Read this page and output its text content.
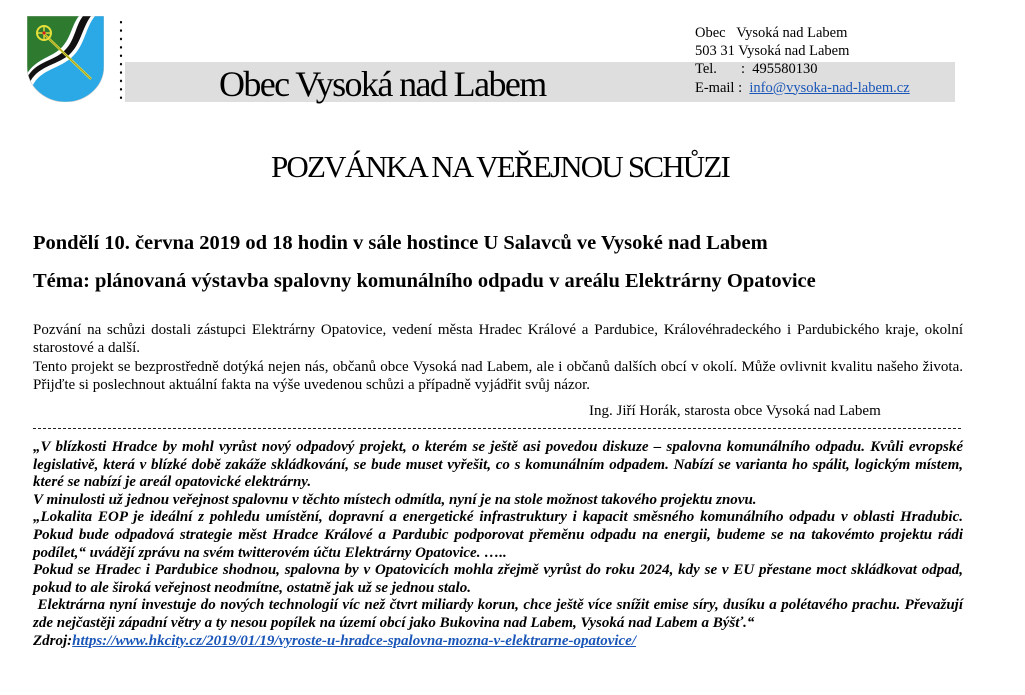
Obec Vysoká nad Labem
Obec   Vysoká nad Labem
503 31 Vysoká nad Labem
Tel. : 495580130
E-mail : info@vysoka-nad-labem.cz
POZVÁNKA NA VEŘEJNOU SCHŮZI
Pondělí 10. června 2019 od 18 hodin v sále hostince U Salavců ve Vysoké nad Labem
Téma: plánovaná výstavba spalovny komunálního odpadu v areálu Elektrárny Opatovice

Pozvání na schůzi dostali zástupci Elektrárny Opatovice, vedení města Hradec Králové a Pardubice, Královéhradeckého i Pardubického kraje, okolní starostové a další.

Tento projekt se bezprostředně dotýká nejen nás, občanů obce Vysoká nad Labem, ale i občanů dalších obcí v okolí. Může ovlivnit kvalitu našeho života. Přijďte si poslechnout aktuální fakta na výše uvedenou schůzi a případně vyjádřit svůj názor.

Ing. Jiří Horák, starosta obce Vysoká nad Labem

„V blízkosti Hradce by mohl vyrůst nový odpadový projekt, o kterém se ještě asi povedou diskuze – spalovna komunálního odpadu. Kvůli evropské legislativě, která v blízké době zakáže skládkování, se bude muset vyřešit, co s komunálním odpadem. Nabízí se varianta ho spálit, logickým místem, které se nabízí je areál opatovické elektrárny.

V minulosti už jednou veřejnost spalovnu v těchto místech odmítla, nyní je na stole možnost takového projektu znovu.

„Lokalita EOP je ideální z pohledu umístění, dopravní a energetické infrastruktury i kapacit směsného komunálního odpadu v oblasti Hradubic. Pokud bude odpadová strategie měst Hradce Králové a Pardubic podporovat přeměnu odpadu na energii, budeme se na takovémto projektu rádi podílet,“ uvádějí zprávu na svém twitterovém účtu Elektrárny Opatovice. …..

Pokud se Hradec i Pardubice shodnou, spalovna by v Opatovicích mohla zřejmě vyrůst do roku 2024, kdy se v EU přestane moct skládkovat odpad, pokud to ale široká veřejnost neodmítne, ostatně jak už se jednou stalo.

Elektrárna nyní investuje do nových technologií víc než čtvrt miliardy korun, chce ještě více snížit emise síry, dusíku a polétavého prachu. Převažují zde nejčastěji západní větry a ty nesou popílek na území obcí jako Bukovina nad Labem, Vysoká nad Labem a Býšť.“

Zdroj:https://www.hkcity.cz/2019/01/19/vyroste-u-hradce-spalovna-mozna-v-elektrarne-opatovice/
